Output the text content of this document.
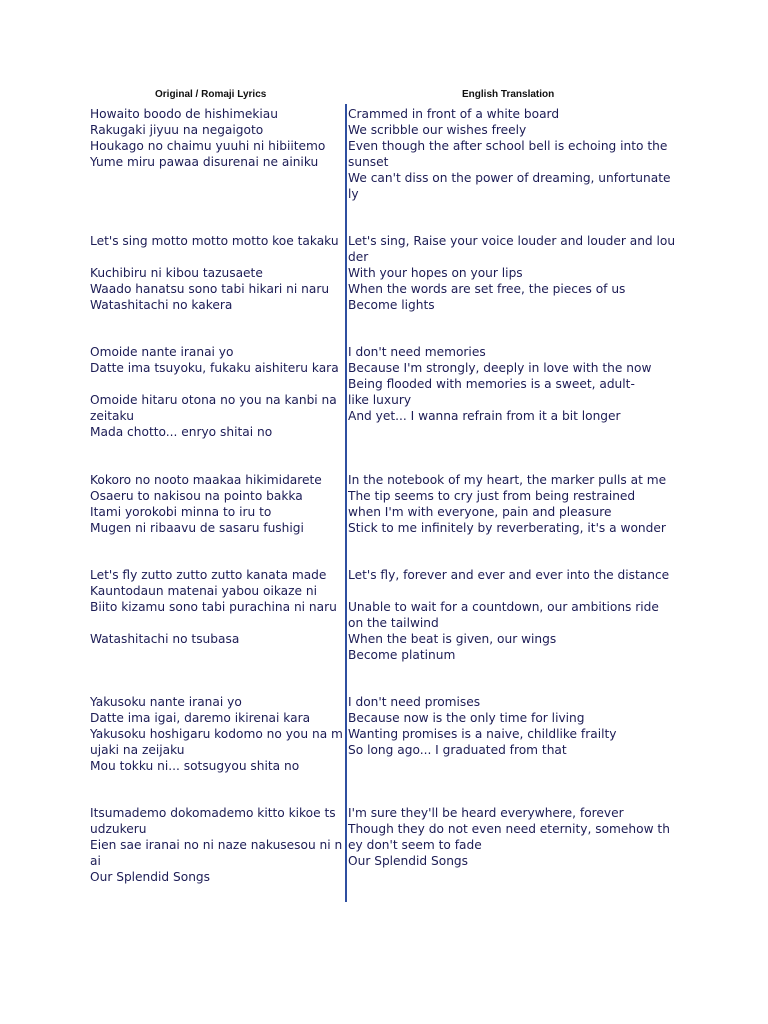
Original / Romaji Lyrics	English Translation
Howaito boodo de hishimekiau
Rakugaki jiyuu na negaigoto
Houkago no chaimu yuuhi ni hibiitemo
Yume miru pawaa disurenai ne ainiku
Crammed in front of a white board
We scribble our wishes freely
Even though the after school bell is echoing into the
sunset
We can't diss on the power of dreaming, unfortunate
ly
Let's sing motto motto motto koe takaku
Kuchibiru ni kibou tazusaete
Waado hanatsu sono tabi hikari ni naru
Watashitachi no kakera
Let's sing, Raise your voice louder and louder and lou
der
With your hopes on your lips
When the words are set free, the pieces of us
Become lights
Omoide nante iranai yo
Datte ima tsuyoku, fukaku aishiteru kara
Omoide hitaru otona no you na kanbi na
zeitaku
Mada chotto... enryo shitai no
I don't need memories
Because I'm strongly, deeply in love with the now
Being flooded with memories is a sweet, adult-
like luxury
And yet... I wanna refrain from it a bit longer
Kokoro no nooto maakaa hikimidarete
Osaeru to nakisou na pointo bakka
Itami yorokobi minna to iru to
Mugen ni ribaavu de sasaru fushigi
In the notebook of my heart, the marker pulls at me
The tip seems to cry just from being restrained
when I'm with everyone, pain and pleasure
Stick to me infinitely by reverberating, it's a wonder
Let's fly zutto zutto zutto kanata made
Kauntodaun matenai yabou oikaze ni
Biito kizamu sono tabi purachina ni naru
Watashitachi no tsubasa
Let's fly, forever and ever and ever into the distance
Unable to wait for a countdown, our ambitions ride
on the tailwind
When the beat is given, our wings
Become platinum
Yakusoku nante iranai yo
Datte ima igai, daremo ikirenai kara
Yakusoku hoshigaru kodomo no you na m
ujaki na zeijaku
Mou tokku ni... sotsugyou shita no
I don't need promises
Because now is the only time for living
Wanting promises is a naive, childlike frailty
So long ago... I graduated from that
Itsumademo dokomademo kitto kikoe ts
udzukeru
Eien sae iranai no ni naze nakusesou ni n
ai
Our Splendid Songs
I'm sure they'll be heard everywhere, forever
Though they do not even need eternity, somehow th
ey don't seem to fade
Our Splendid Songs
